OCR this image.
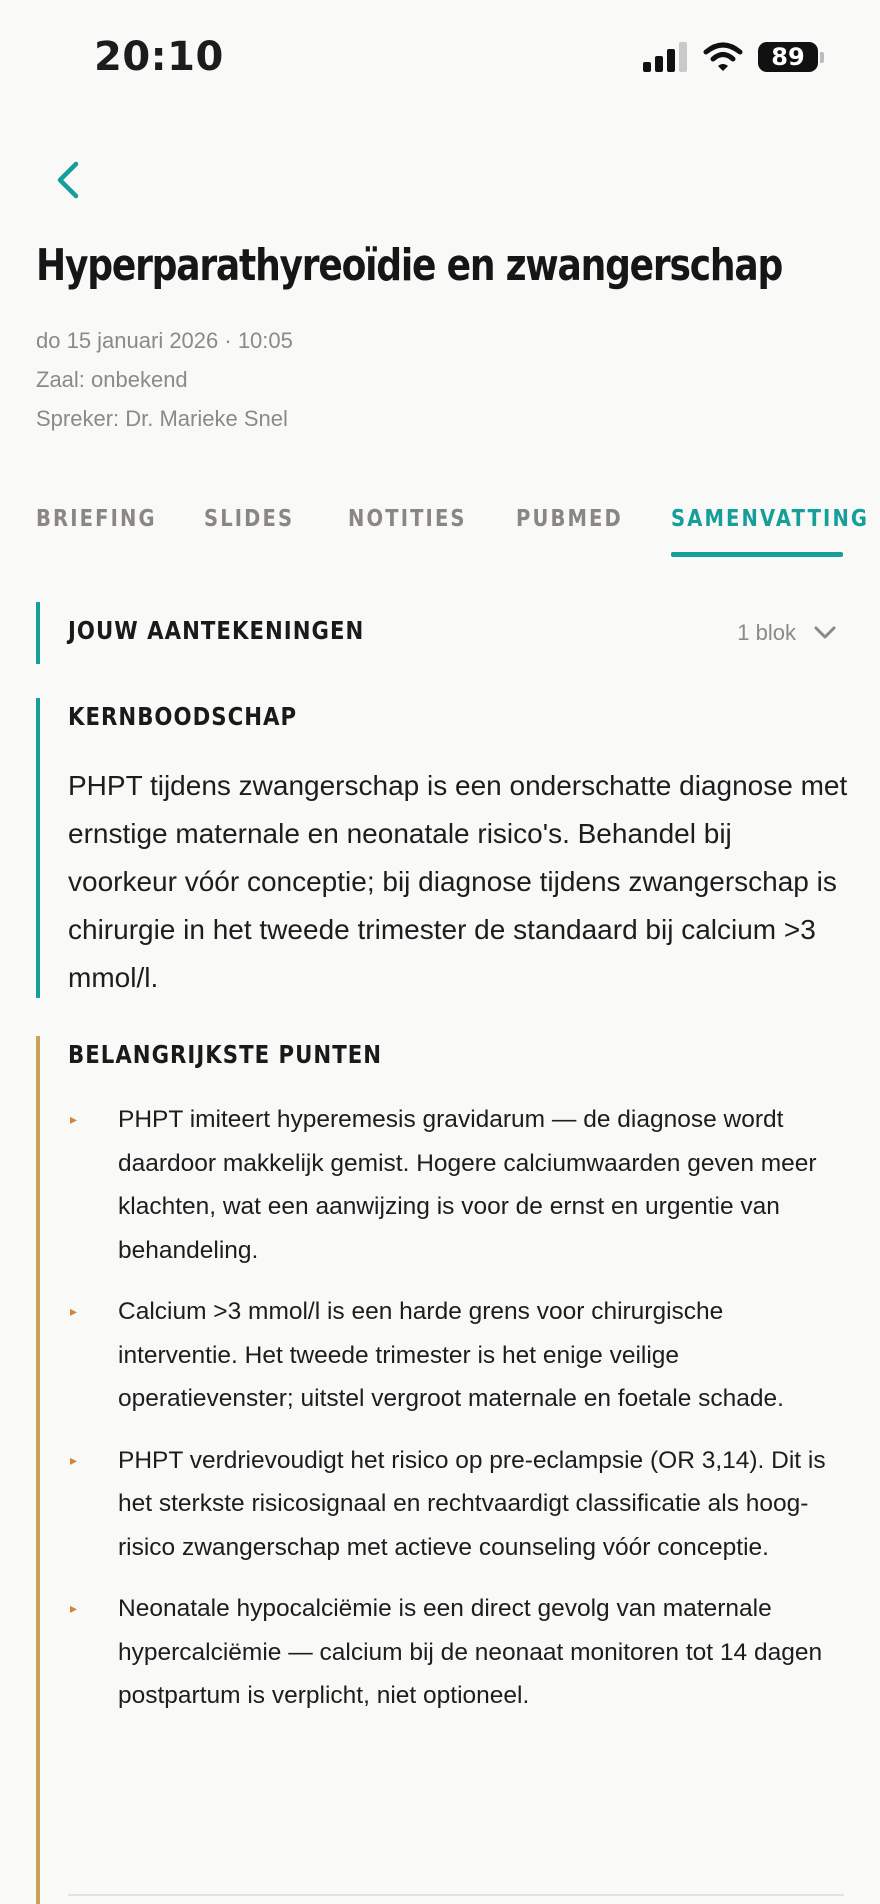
20:10	89
Hyperparathyreoïdie en zwangerschap
do 15 januari 2026 · 10:05
Zaal: onbekend
Spreker: Dr. Marieke Snel
BRIEFING SLIDES NOTITIES PUBMED SAMENVATTING
JOUW AANTEKENINGEN	1 blok
KERNBOODSCHAP

PHPT tijdens zwangerschap is een onderschatte diagnose met ernstige maternale en neonatale risico's. Behandel bij voorkeur vóór conceptie; bij diagnose tijdens zwangerschap is chirurgie in het tweede trimester de standaard bij calcium >3 mmol/l.

BELANGRIJKSTE PUNTEN
▸ PHPT imiteert hyperemesis gravidarum — de diagnose wordt daardoor makkelijk gemist. Hogere calciumwaarden geven meer klachten, wat een aanwijzing is voor de ernst en urgentie van behandeling.
▸ Calcium >3 mmol/l is een harde grens voor chirurgische interventie. Het tweede trimester is het enige veilige operatievenster; uitstel vergroot maternale en foetale schade.
▸ PHPT verdrievoudigt het risico op pre-eclampsie (OR 3,14). Dit is het sterkste risicosignaal en rechtvaardigt classificatie als hoog-risico zwangerschap met actieve counseling vóór conceptie.
▸ Neonatale hypocalciëmie is een direct gevolg van maternale hypercalciëmie — calcium bij de neonaat monitoren tot 14 dagen postpartum is verplicht, niet optioneel.
